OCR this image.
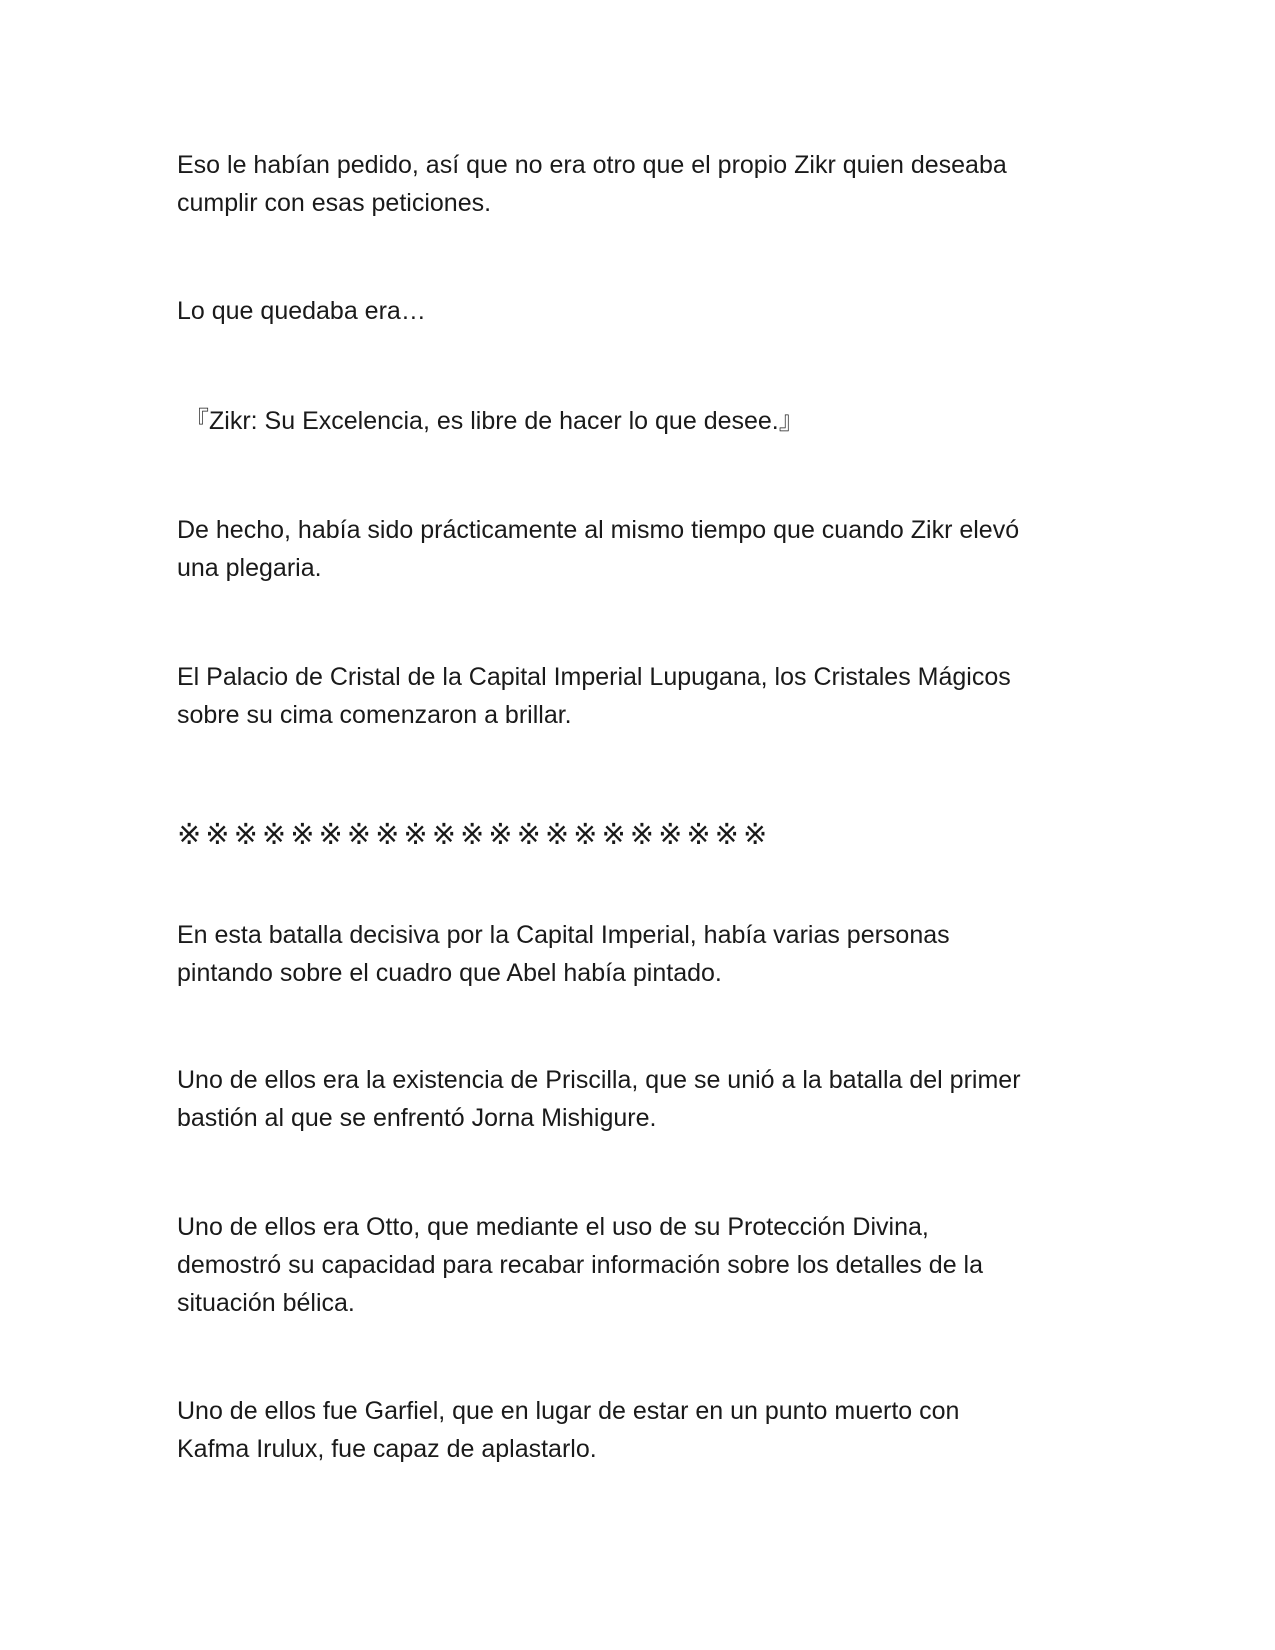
Eso le habían pedido, así que no era otro que el propio Zikr quien deseaba
cumplir con esas peticiones.

Lo que quedaba era…

『Zikr: Su Excelencia, es libre de hacer lo que desee.』

De hecho, había sido prácticamente al mismo tiempo que cuando Zikr elevó
una plegaria.

El Palacio de Cristal de la Capital Imperial Lupugana, los Cristales Mágicos
sobre su cima comenzaron a brillar.

※※※※※※※※※※※※※※※※※※※※※

En esta batalla decisiva por la Capital Imperial, había varias personas
pintando sobre el cuadro que Abel había pintado.

Uno de ellos era la existencia de Priscilla, que se unió a la batalla del primer
bastión al que se enfrentó Jorna Mishigure.

Uno de ellos era Otto, que mediante el uso de su Protección Divina,
demostró su capacidad para recabar información sobre los detalles de la
situación bélica.

Uno de ellos fue Garfiel, que en lugar de estar en un punto muerto con
Kafma Irulux, fue capaz de aplastarlo.
